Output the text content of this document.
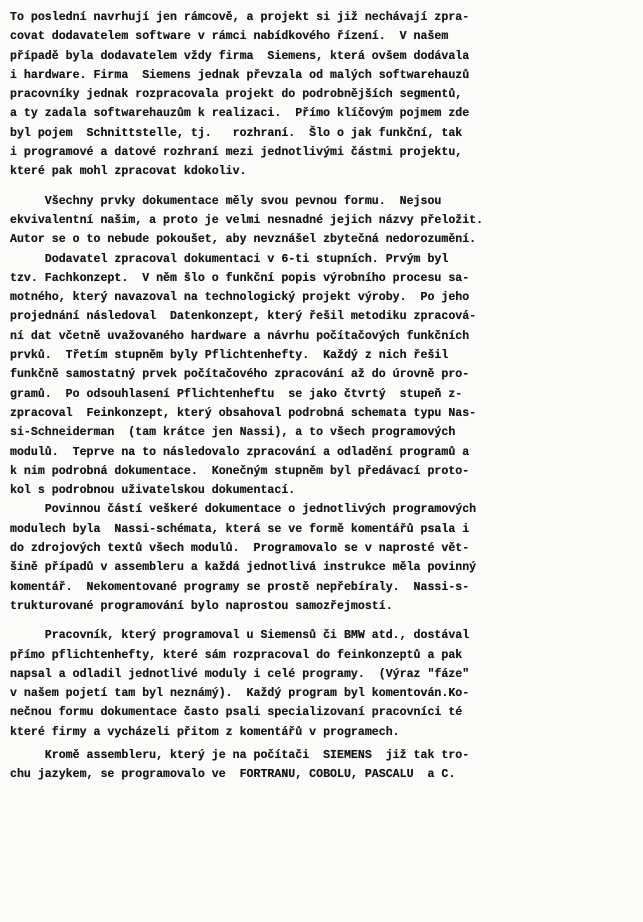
To poslední navrhují jen rámcově, a projekt si již nechávají zpra-
covat dodavatelem software v rámci nabídkového řízení.  V našem
případě byla dodavatelem vždy firma  Siemens, která ovšem dodávala
i hardware. Firma  Siemens jednak převzala od malých softwarehauzů
pracovníky jednak rozpracovala projekt do podrobnějších segmentů,
a ty zadala softwarehauzům k realizaci.  Přímo klíčovým pojmem zde
byl pojem  Schnittstelle, tj.   rozhraní.  Šlo o jak funkční, tak
i programové a datové rozhraní mezi jednotlivými částmi projektu,
které pak mohl zpracovat kdokoliv.
Všechny prvky dokumentace měly svou pevnou formu.  Nejsou
ekvivalentní našim, a proto je velmi nesnadné jejich názvy přeložit.
Autor se o to nebude pokoušet, aby nevznášel zbytečná nedorozumění.
Dodavatel zpracoval dokumentaci v 6-ti stupních. Prvým byl
tzv. Fachkonzept.  V něm šlo o funkční popis výrobního procesu sa-
motného, který navazoval na technologický projekt výroby.  Po jeho
projednání následoval  Datenkonzept, který řešil metodiku zpracová-
ní dat včetně uvažovaného hardware a návrhu počítačových funkčních
prvků.  Třetím stupněm byly Pflichtenhefty.  Každý z nich řešil
funkčně samostatný prvek počítačového zpracování až do úrovně pro-
gramů.  Po odsouhlasení Pflichtenheftu  se jako čtvrtý  stupeň z-
zpracoval  Feinkonzept, který obsahoval podrobná schemata typu Nas-
si-Schneiderman  (tam krátce jen Nassi), a to všech programových
modulů.  Teprve na to následovalo zpracování a odladění programů a
k nim podrobná dokumentace.  Konečným stupněm byl předávací proto-
kol s podrobnou uživatelskou dokumentací.
Povinnou částí veškeré dokumentace o jednotlivých programových
modulech byla  Nassi-schémata, která se ve formě komentářů psala i
do zdrojových textů všech modulů.  Programovalo se v naprosté vět-
šině případů v assembleru a každá jednotlivá instrukce měla povinný
komentář.  Nekomentované programy se prostě nepřebíraly.  Nassi-s-
trukturované programování bylo naprostou samozřejmostí.
Pracovník, který programoval u Siemensů či BMW atd., dostával
přímo pflichtenhefty, které sám rozpracoval do feinkonzeptů a pak
napsal a odladil jednotlivé moduly i celé programy.  (Výraz "fáze"
v našem pojetí tam byl neznámý).  Každý program byl komentován.Ko-
nečnou formu dokumentace často psali specializovaní pracovníci té
které firmy a vycházeli přitom z komentářů v programech.
Kromě assembleru, který je na počítači  SIEMENS  již tak tro-
chu jazykem, se programovalo ve  FORTRANU, COBOLU, PASCALU  a C.
